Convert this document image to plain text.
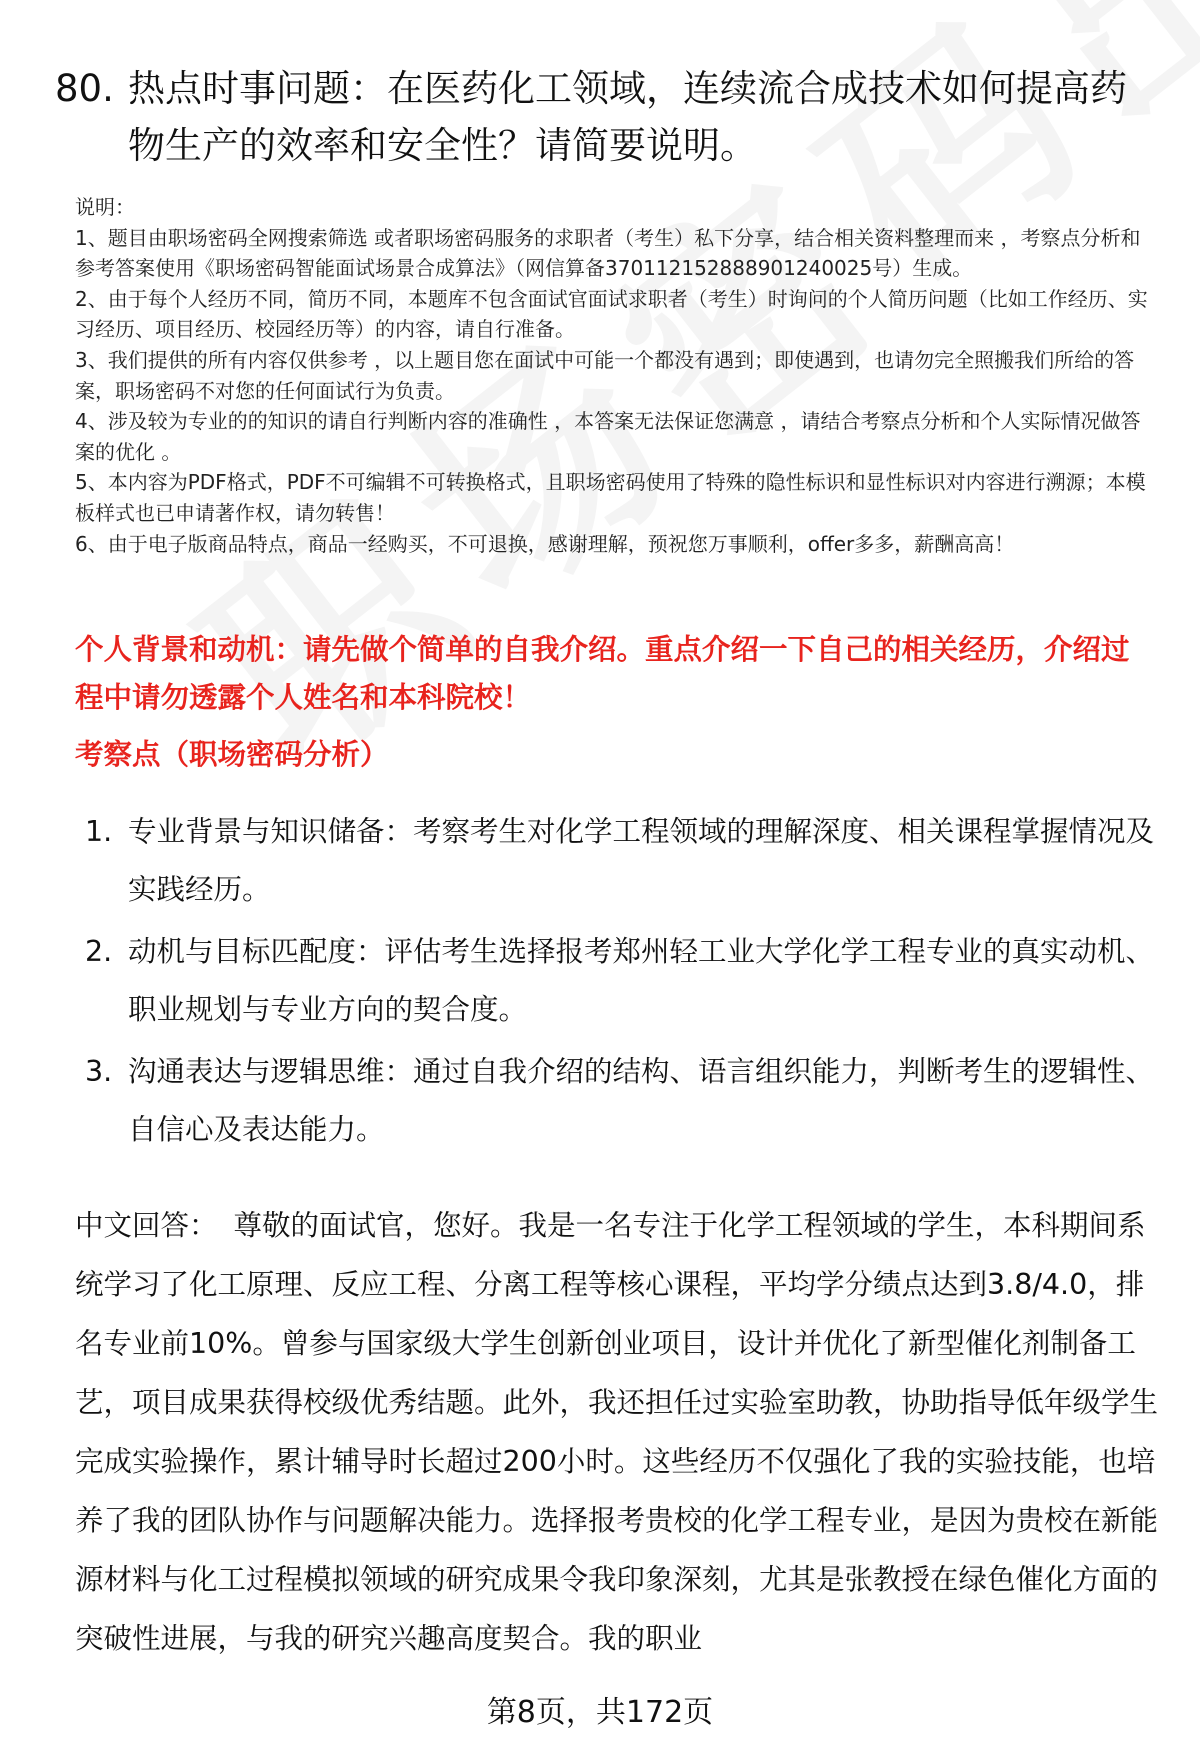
80. 热点时事问题：在医药化工领域，连续流合成技术如何提高药物生产的效率和安全性？请简要说明。

说明：

1、题目由职场密码全网搜索筛选 或者职场密码服务的求职者（考生）私下分享，结合相关资料整理而来 ，考察点分析和参考答案使用《职场密码智能面试场景合成算法》（网信算备370112152888901240025号）生成。

2、由于每个人经历不同，简历不同，本题库不包含面试官面试求职者（考生）时询问的个人简历问题（比如工作经历、实习经历、项目经历、校园经历等）的内容，请自行准备。

3、我们提供的所有内容仅供参考 ，以上题目您在面试中可能一个都没有遇到；即使遇到，也请勿完全照搬我们所给的答案，职场密码不对您的任何面试行为负责。

4、涉及较为专业的的知识的请自行判断内容的准确性 ，本答案无法保证您满意 ，请结合考察点分析和个人实际情况做答案的优化 。

5、本内容为PDF格式，PDF不可编辑不可转换格式，且职场密码使用了特殊的隐性标识和显性标识对内容进行溯源；本模板样式也已申请著作权，请勿转售！

6、由于电子版商品特点，商品一经购买，不可退换，感谢理解，预祝您万事顺利，offer多多，薪酬高高！

个人背景和动机：请先做个简单的自我介绍。重点介绍一下自己的相关经历，介绍过程中请勿透露个人姓名和本科院校！
考察点（职场密码分析）
1. 专业背景与知识储备：考察考生对化学工程领域的理解深度、相关课程掌握情况及实践经历。
2. 动机与目标匹配度：评估考生选择报考郑州轻工业大学化学工程专业的真实动机、职业规划与专业方向的契合度。
3. 沟通表达与逻辑思维：通过自我介绍的结构、语言组织能力，判断考生的逻辑性、自信心及表达能力。
中文回答： 尊敬的面试官，您好。我是一名专注于化学工程领域的学生，本科期间系统学习了化工原理、反应工程、分离工程等核心课程，平均学分绩点达到3.8/4.0，排名专业前10%。曾参与国家级大学生创新创业项目，设计并优化了新型催化剂制备工艺，项目成果获得校级优秀结题。此外，我还担任过实验室助教，协助指导低年级学生完成实验操作，累计辅导时长超过200小时。这些经历不仅强化了我的实验技能，也培养了我的团队协作与问题解决能力。选择报考贵校的化学工程专业，是因为贵校在新能源材料与化工过程模拟领域的研究成果令我印象深刻，尤其是张教授在绿色催化方面的突破性进展，与我的研究兴趣高度契合。我的职业
第8页，共172页
